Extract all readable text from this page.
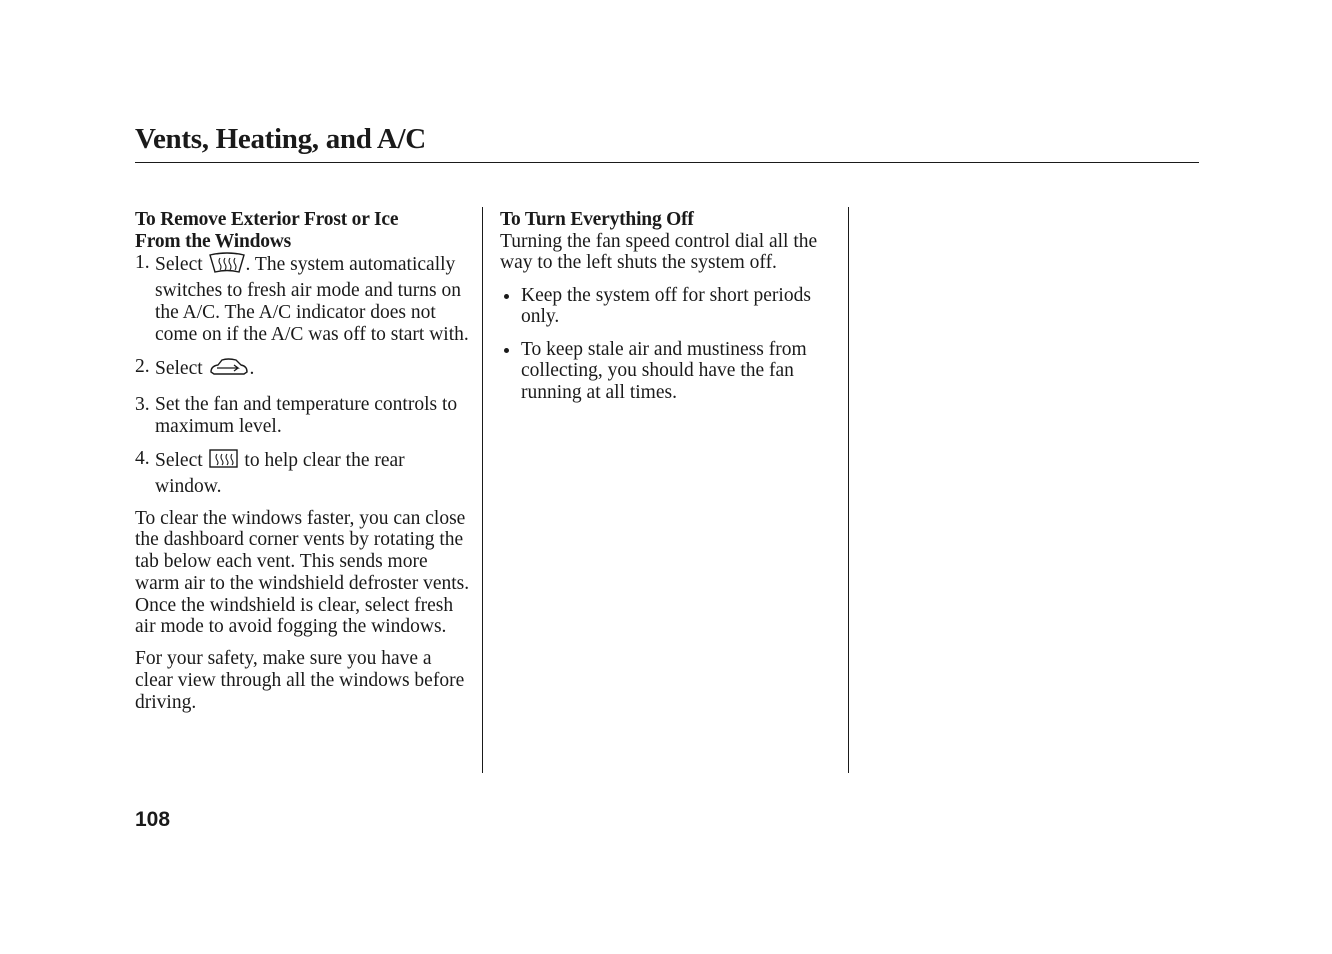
Vents, Heating, and A/C
To Remove Exterior Frost or Ice
From the Windows
1. Select . The system automatically switches to fresh air mode and turns on the A/C. The A/C indicator does not come on if the A/C was off to start with.
2. Select .
3. Set the fan and temperature controls to maximum level.
4. Select  to help clear the rear window.

To clear the windows faster, you can close the dashboard corner vents by rotating the tab below each vent. This sends more warm air to the windshield defroster vents. Once the windshield is clear, select fresh air mode to avoid fogging the windows.

For your safety, make sure you have a clear view through all the windows before driving.

To Turn Everything Off

Turning the fan speed control dial all the way to the left shuts the system off.

Keep the system off for short periods only.
To keep stale air and mustiness from collecting, you should have the fan running at all times.
108
